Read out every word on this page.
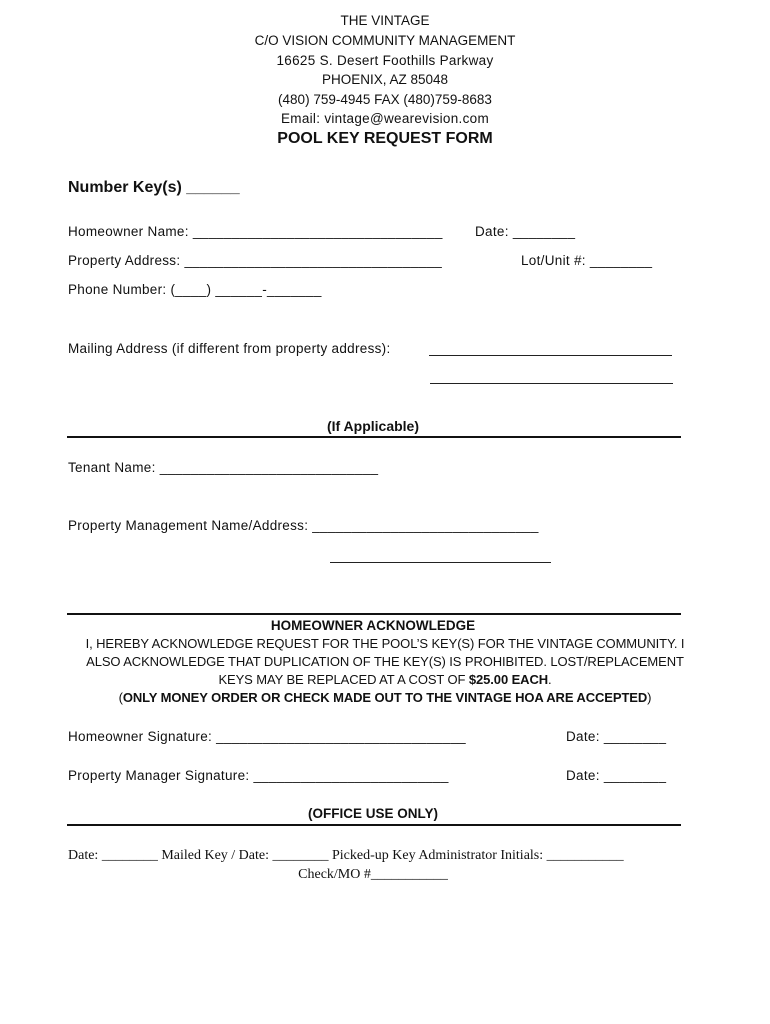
THE VINTAGE
C/O VISION COMMUNITY MANAGEMENT
16625 S. Desert Foothills Parkway
PHOENIX, AZ 85048
(480) 759-4945 FAX (480)759-8683
Email: vintage@wearevision.com
POOL KEY REQUEST FORM
Number Key(s) ______
Homeowner Name: ________________________________ Date: ________
Property Address: _________________________________	Lot/Unit #: ________
Phone Number: (____) ______-_______
Mailing Address (if different from property address):
(If Applicable)
Tenant Name: ____________________________
Property Management Name/Address: _____________________________
HOMEOWNER ACKNOWLEDGE
I, HEREBY ACKNOWLEDGE REQUEST FOR THE POOL’S KEY(S) FOR THE VINTAGE COMMUNITY. I
ALSO ACKNOWLEDGE THAT DUPLICATION OF THE KEY(S) IS PROHIBITED. LOST/REPLACEMENT
KEYS MAY BE REPLACED AT A COST OF $25.00 EACH.
(ONLY MONEY ORDER OR CHECK MADE OUT TO THE VINTAGE HOA ARE ACCEPTED)
Homeowner Signature: ________________________________	Date: ________
Property Manager Signature: _________________________	Date: ________
(OFFICE USE ONLY)
Date: ________ Mailed Key / Date: ________ Picked-up Key Administrator Initials: ___________
Check/MO #___________
